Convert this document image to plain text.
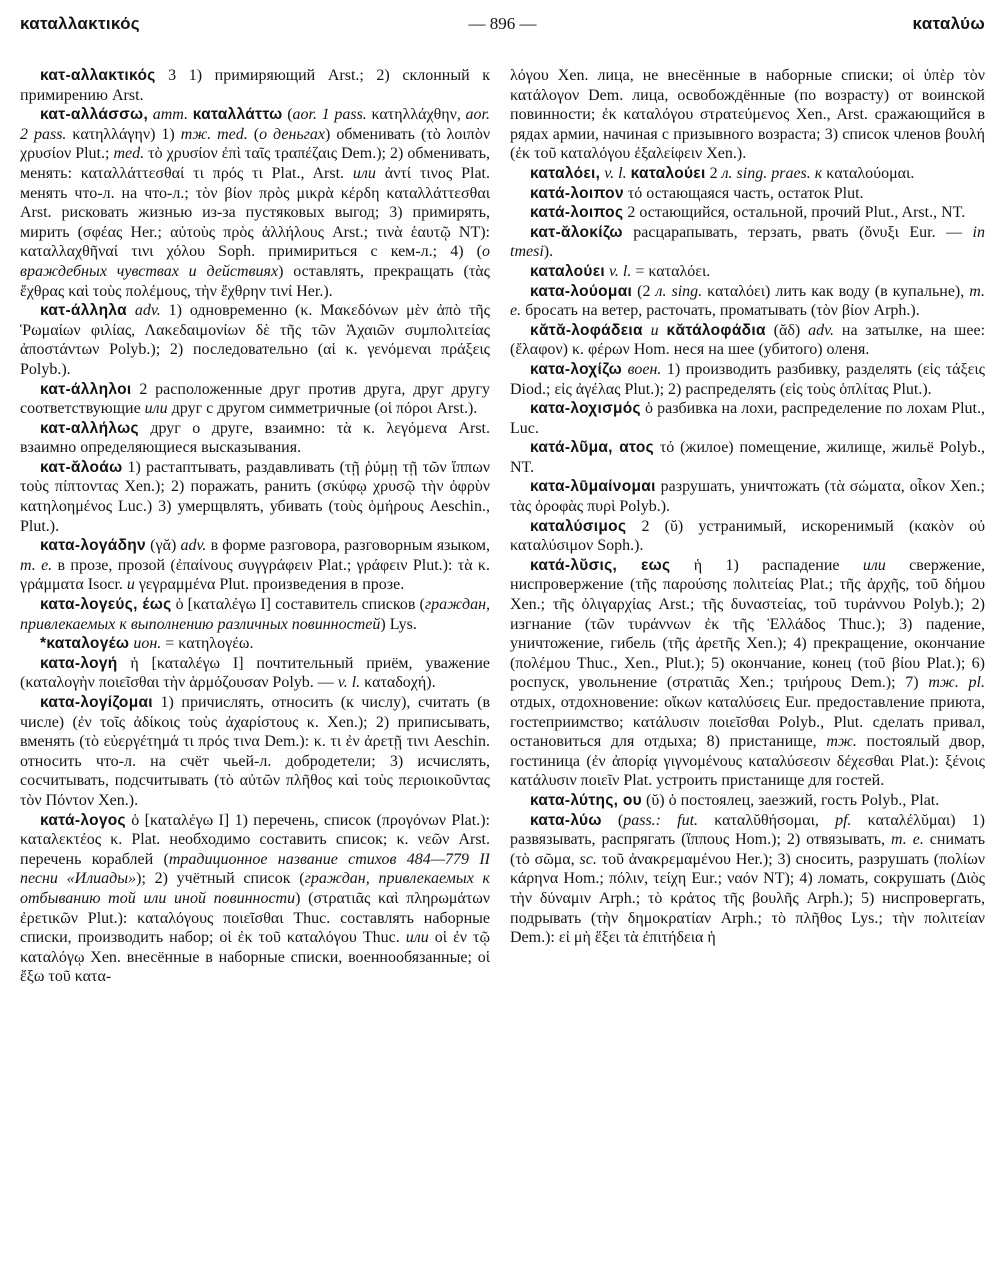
καταλλακτικός	— 896 —	καταλύω

κατ-αλλακτικός 3 1) примиряющий Arst.; 2) склонный к примирению Arst.

κατ-αλλάσσω, атт. καταλλάττω (aor. 1 pass. κατηλλάχθην, aor. 2 pass. κατηλλάγην) 1) тж. med. (о деньгах) обменивать (τὸ λοιπὸν χρυσίον Plut.; med. τὸ χρυσίον ἐπὶ ταῖς τραπέζαις Dem.); 2) обменивать, менять: καταλλάττεσθαί τι πρός τι Plat., Arst. или ἀντί τινος Plat. менять что-л. на что-л.; τὸν βίον πρὸς μικρὰ κέρδη καταλλάττεσθαι Arst. рисковать жизнью из-за пустяковых выгод; 3) примирять, мирить (σφέας Her.; αὐτοὺς πρὸς ἀλλήλους Arst.; τινὰ ἑαυτῷ NT): καταλλαχθῆναί τινι χόλου Soph. примириться с кем-л.; 4) (о враждебных чувствах и действиях) оставлять, прекращать (τὰς ἔχθρας καὶ τοὺς πολέμους, τὴν ἔχθρην τινί Her.).

κατ-άλληλα adv. 1) одновременно (κ. Μακεδόνων μὲν ἀπὸ τῆς Ῥωμαίων φιλίας, Λακεδαιμονίων δὲ τῆς τῶν Ἀχαιῶν συμπολιτείας ἀποστάντων Polyb.); 2) последовательно (αἱ κ. γενόμεναι πράξεις Polyb.).

κατ-άλληλοι 2 расположенные друг против друга, друг другу соответствующие или друг с другом симметричные (οἱ πόροι Arst.).

κατ-αλλήλως друг о друге, взаимно: τὰ κ. λεγόμενα Arst. взаимно определяющиеся высказывания.

κατ-ᾰλοάω 1) растаптывать, раздавливать (τῇ ῥύμῃ τῇ τῶν ἵππων τοὺς πίπτοντας Xen.); 2) поражать, ранить (σκύφῳ χρυσῷ τὴν ὀφρὺν κατηλοημένος Luc.) 3) умерщвлять, убивать (τοὺς ὁμήρους Aeschin., Plut.).

κατα-λογάδην (γᾰ) adv. в форме разговора, разговорным языком, т. е. в прозе, прозой (ἐπαίνους συγγράφειν Plat.; γράφειν Plut.): τὰ κ. γράμματα Isocr. и γεγραμμένα Plut. произведения в прозе.

κατα-λογεύς, έως ὁ [καταλέγω I] составитель списков (граждан, привлекаемых к выполнению различных повинностей) Lys.

*καταλογέω ион. = κατηλογέω.

κατα-λογή ἡ [καταλέγω I] почтительный приём, уважение (καταλογὴν ποιεῖσθαι τὴν ἁρμόζουσαν Polyb. — v. l. καταδοχή).

κατα-λογίζομαι 1) причислять, относить (к числу), считать (в числе) (ἐν τοῖς ἀδίκοις τοὺς ἀχαρίστους κ. Xen.); 2) приписывать, вменять (τὸ εὐεργέτημά τι πρός τινα Dem.): κ. τι ἐν ἀρετῇ τινι Aeschin. относить что-л. на счёт чьей-л. добродетели; 3) исчислять, сосчитывать, подсчитывать (τὸ αὐτῶν πλῆθος καὶ τοὺς περιοικοῦντας τὸν Πόντον Xen.).

κατά-λογος ὁ [καταλέγω I] 1) перечень, список (προγόνων Plat.): καταλεκτέος κ. Plat. необходимо составить список; κ. νεῶν Arst. перечень кораблей (традиционное название стихов 484—779 II песни «Илиады»); 2) учётный список (граждан, привлекаемых к отбыванию той или иной повинности) (στρατιᾶς καὶ πληρωμάτων ἐρετικῶν Plut.): καταλόγους ποιεῖσθαι Thuc. составлять наборные списки, производить набор; οἱ ἐκ τοῦ καταλόγου Thuc. или οἱ ἐν τῷ καταλόγῳ Xen. внесённые в наборные списки, военнообязанные; οἱ ἔξω τοῦ κατα-

λόγου Xen. лица, не внесённые в наборные списки; οἱ ὑπὲρ τὸν κατάλογον Dem. лица, освобождённые (по возрасту) от воинской повинности; ἐκ καταλόγου στρατεύμενος Xen., Arst. сражающийся в рядах армии, начиная с призывного возраста; 3) список членов βουλή (ἐκ τοῦ καταλόγου ἐξαλείφειν Xen.).

καταλόει, v. l. καταλούει 2 л. sing. praes. к καταλούομαι.

κατά-λοιπον τό остающаяся часть, остаток Plut.

κατά-λοιπος 2 остающийся, остальной, прочий Plut., Arst., NT.

κατ-ᾰλοκίζω расцарапывать, терзать, рвать (ὄνυξι Eur. — in tmesi).

καταλούει v. l. = καταλόει.

κατα-λούομαι (2 л. sing. καταλόει) лить как воду (в купальне), т. е. бросать на ветер, расточать, проматывать (τὸν βίον Arph.).

κᾰτᾰ-λοφάδεια и κᾰτάλοφάδια (ᾰδ) adv. на затылке, на шее: (ἔλαφον) κ. φέρων Hom. неся на шее (убитого) оленя.

κατα-λοχίζω воен. 1) производить разбивку, разделять (εἰς τάξεις Diod.; εἰς ἀγέλας Plut.); 2) распределять (εἰς τοὺς ὁπλίτας Plut.).

κατα-λοχισμός ὁ разбивка на лохи, распределение по лохам Plut., Luc.

κατά-λῦμα, ατος τό (жилое) помещение, жилище, жильё Polyb., NT.

κατα-λῡμαίνομαι разрушать, уничтожать (τὰ σώματα, οἶκον Xen.; τὰς ὀροφὰς πυρὶ Polyb.).

καταλύσιμος 2 (ῠ) устранимый, искоренимый (κακὸν οὐ καταλύσιμον Soph.).

κατά-λῠσις, εως ἡ 1) распадение или свержение, ниспровержение (τῆς παρούσης πολιτείας Plat.; τῆς ἀρχῆς, τοῦ δήμου Xen.; τῆς ὀλιγαρχίας Arst.; τῆς δυναστείας, τοῦ τυράννου Polyb.); 2) изгнание (τῶν τυράννων ἐκ τῆς Ἑλλάδος Thuc.); 3) падение, уничтожение, гибель (τῆς ἀρετῆς Xen.); 4) прекращение, окончание (πολέμου Thuc., Xen., Plut.); 5) окончание, конец (τοῦ βίου Plat.); 6) роспуск, увольнение (στρατιᾶς Xen.; τριήρους Dem.); 7) тж. pl. отдых, отдохновение: οἴκων καταλύσεις Eur. предоставление приюта, гостеприимство; κατάλυσιν ποιεῖσθαι Polyb., Plut. сделать привал, остановиться для отдыха; 8) пристанище, тж. постоялый двор, гостиница (ἐν ἀπορίᾳ γιγνομένους καταλύσεσιν δέχεσθαι Plat.): ξένοις κατάλυσιν ποιεῖν Plat. устроить пристанище для гостей.

κατα-λύτης, ου (ῠ) ὁ постоялец, заезжий, гость Polyb., Plat.

κατα-λύω (pass.: fut. καταλῠθήσομαι, pf. καταλέλῠμαι) 1) развязывать, распрягать (ἵππους Hom.); 2) отвязывать, т. е. снимать (τὸ σῶμα, sc. τοῦ ἀνακρεμαμένου Her.); 3) сносить, разрушать (πολίων κάρηνα Hom.; πόλιν, τείχη Eur.; ναόν NT); 4) ломать, сокрушать (Διὸς τὴν δύναμιν Arph.; τὸ κράτος τῆς βουλῆς Arph.); 5) ниспровергать, подрывать (τὴν δημοκρατίαν Arph.; τὸ πλῆθος Lys.; τὴν πολιτείαν Dem.): εἰ μὴ ἕξει τὰ ἐπιτήδεια ἡ
